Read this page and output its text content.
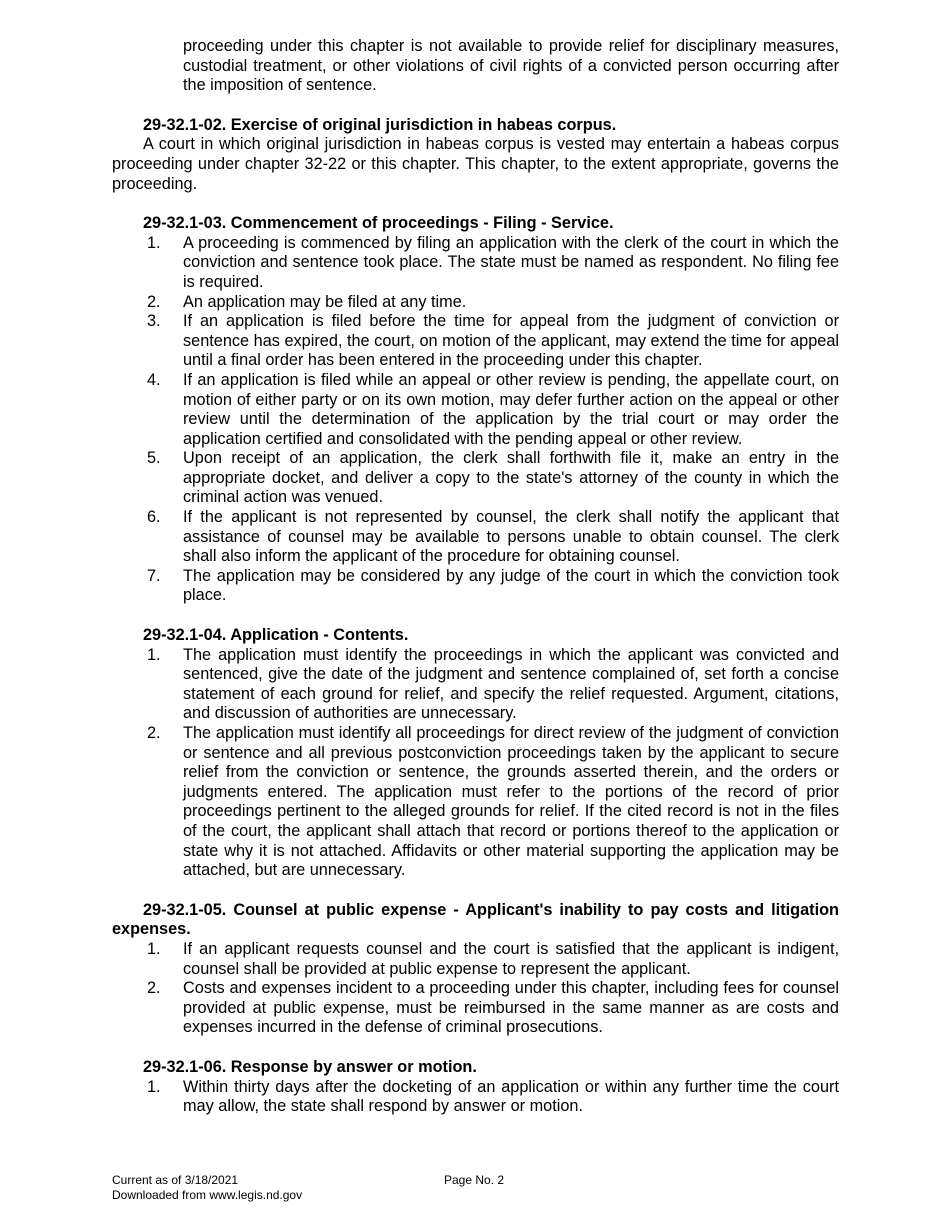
proceeding under this chapter is not available to provide relief for disciplinary measures, custodial treatment, or other violations of civil rights of a convicted person occurring after the imposition of sentence.

29-32.1-02. Exercise of original jurisdiction in habeas corpus.

A court in which original jurisdiction in habeas corpus is vested may entertain a habeas corpus proceeding under chapter 32-22 or this chapter. This chapter, to the extent appropriate, governs the proceeding.

29-32.1-03. Commencement of proceedings - Filing - Service.

1. A proceeding is commenced by filing an application with the clerk of the court in which the conviction and sentence took place. The state must be named as respondent. No filing fee is required.
2. An application may be filed at any time.
3. If an application is filed before the time for appeal from the judgment of conviction or sentence has expired, the court, on motion of the applicant, may extend the time for appeal until a final order has been entered in the proceeding under this chapter.
4. If an application is filed while an appeal or other review is pending, the appellate court, on motion of either party or on its own motion, may defer further action on the appeal or other review until the determination of the application by the trial court or may order the application certified and consolidated with the pending appeal or other review.
5. Upon receipt of an application, the clerk shall forthwith file it, make an entry in the appropriate docket, and deliver a copy to the state's attorney of the county in which the criminal action was venued.
6. If the applicant is not represented by counsel, the clerk shall notify the applicant that assistance of counsel may be available to persons unable to obtain counsel. The clerk shall also inform the applicant of the procedure for obtaining counsel.
7. The application may be considered by any judge of the court in which the conviction took place.

29-32.1-04. Application - Contents.

1. The application must identify the proceedings in which the applicant was convicted and sentenced, give the date of the judgment and sentence complained of, set forth a concise statement of each ground for relief, and specify the relief requested. Argument, citations, and discussion of authorities are unnecessary.
2. The application must identify all proceedings for direct review of the judgment of conviction or sentence and all previous postconviction proceedings taken by the applicant to secure relief from the conviction or sentence, the grounds asserted therein, and the orders or judgments entered. The application must refer to the portions of the record of prior proceedings pertinent to the alleged grounds for relief. If the cited record is not in the files of the court, the applicant shall attach that record or portions thereof to the application or state why it is not attached. Affidavits or other material supporting the application may be attached, but are unnecessary.

29-32.1-05. Counsel at public expense - Applicant's inability to pay costs and litigation expenses.

1. If an applicant requests counsel and the court is satisfied that the applicant is indigent, counsel shall be provided at public expense to represent the applicant.
2. Costs and expenses incident to a proceeding under this chapter, including fees for counsel provided at public expense, must be reimbursed in the same manner as are costs and expenses incurred in the defense of criminal prosecutions.

29-32.1-06. Response by answer or motion.

1. Within thirty days after the docketing of an application or within any further time the court may allow, the state shall respond by answer or motion.
Current as of 3/18/2021
Downloaded from www.legis.nd.gov
Page No. 2
